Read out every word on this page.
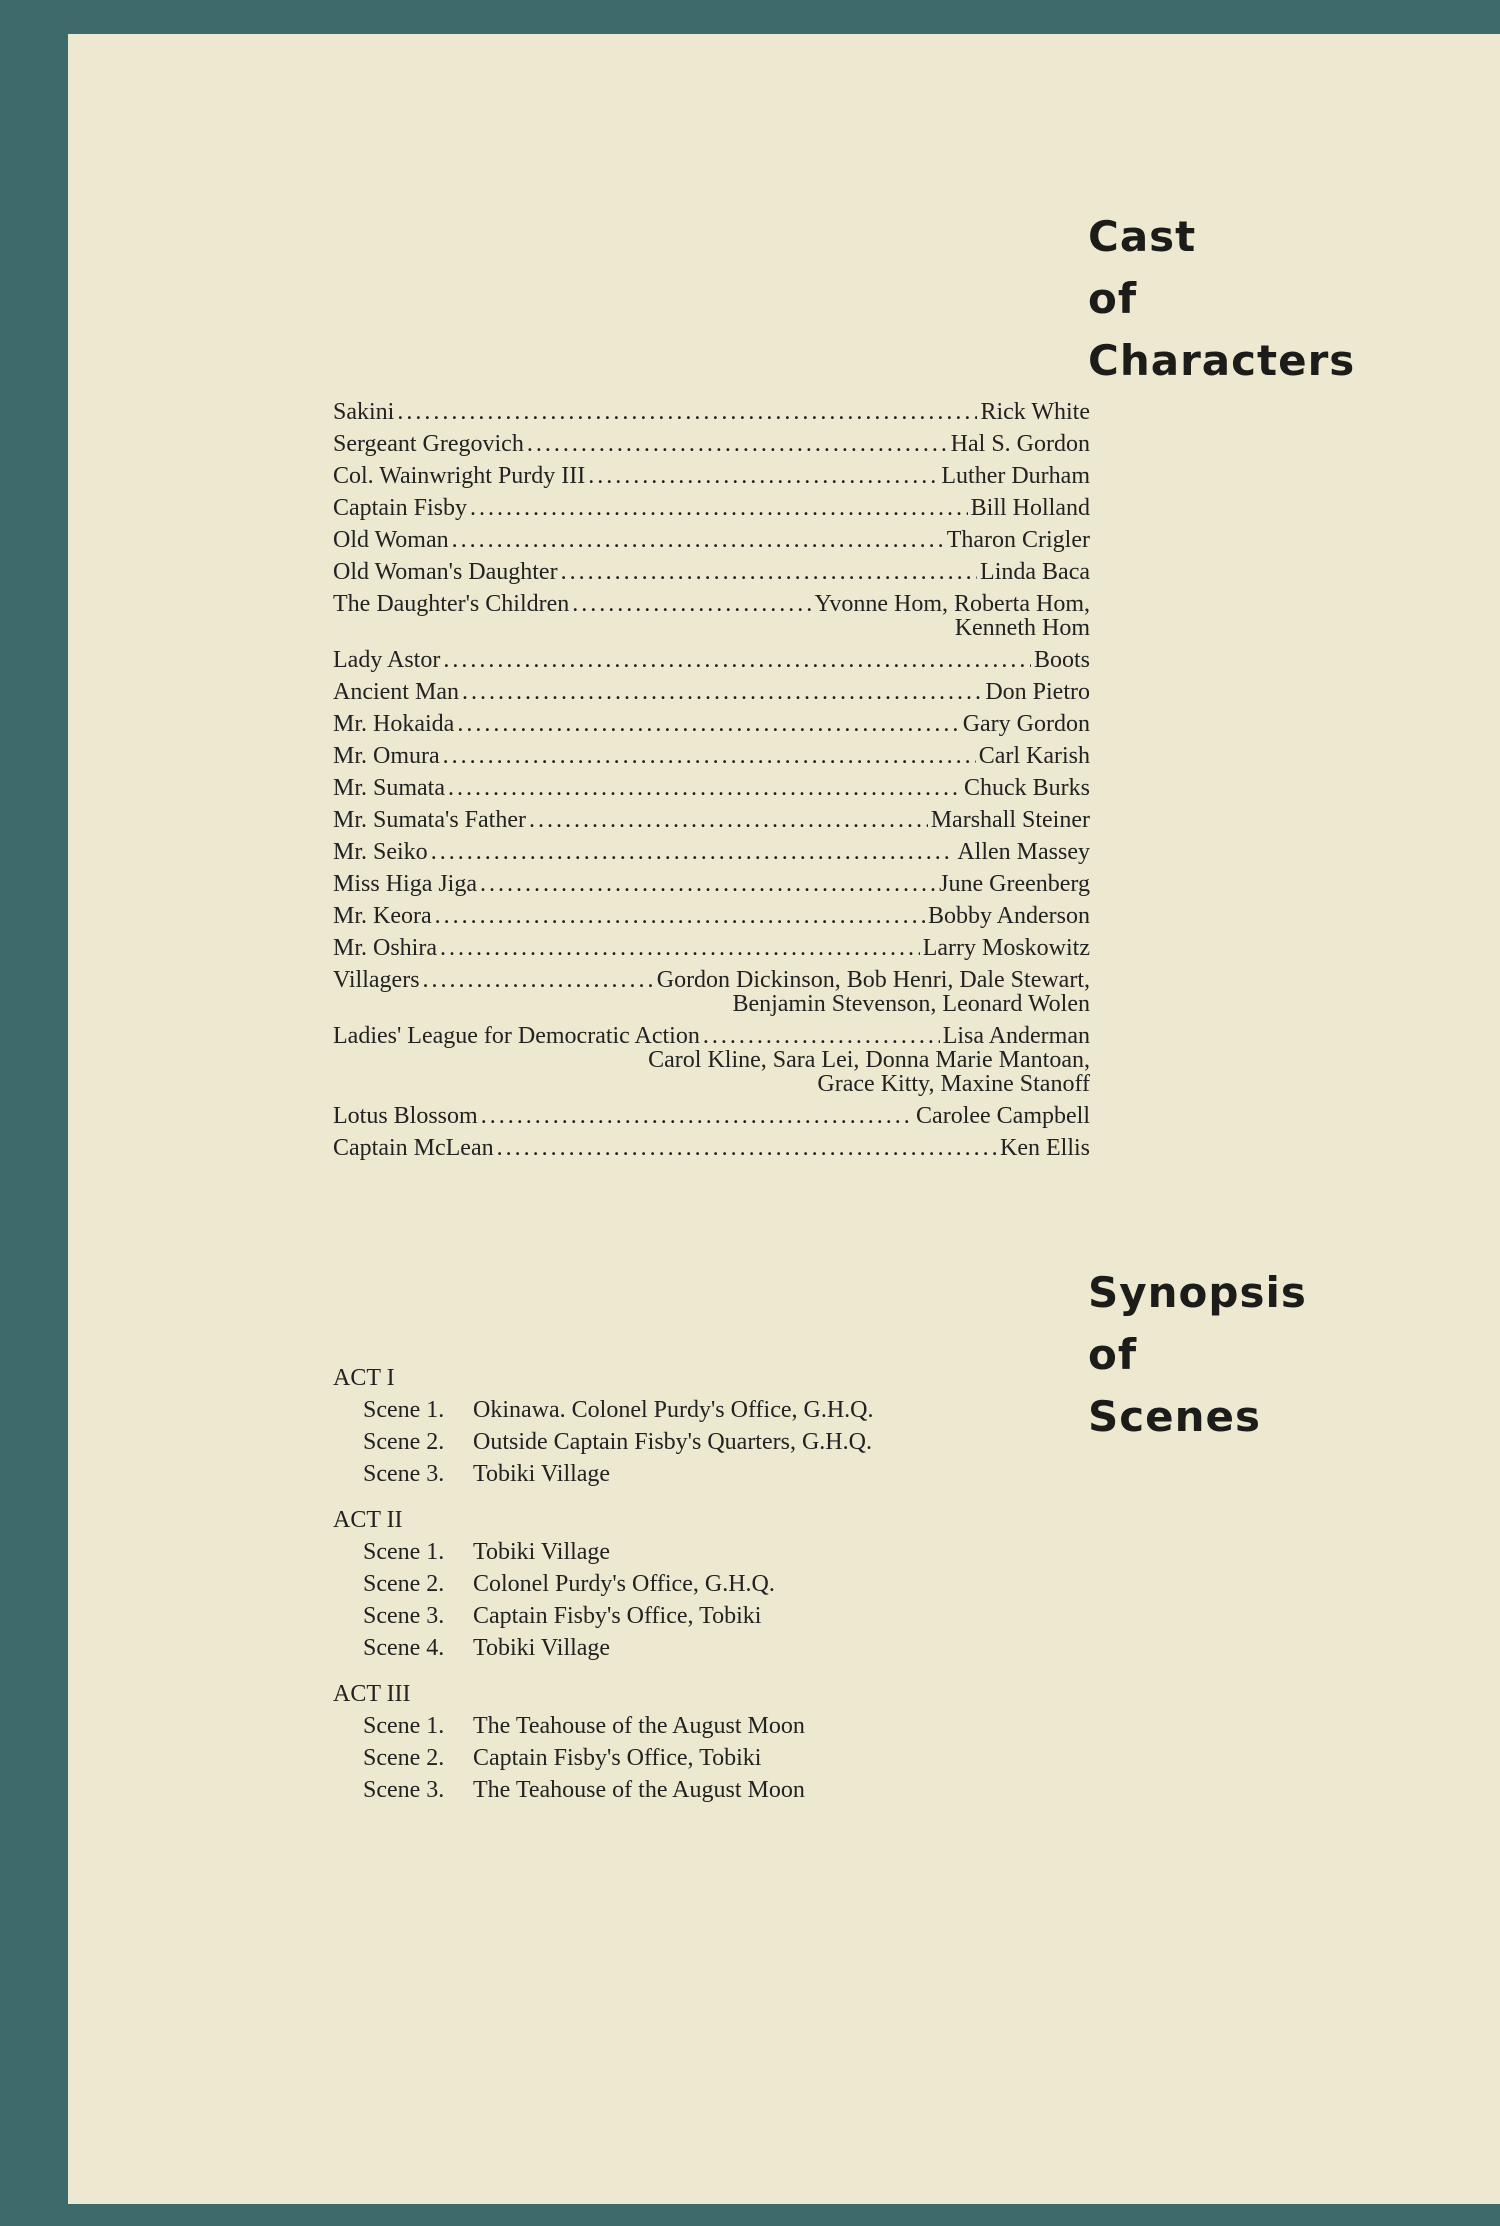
Cast
of
Characters
Synopsis
of
Scenes
Sakini .....	Rick White
Sergeant Gregovich .....	Hal S. Gordon
Col. Wainwright Purdy III .....	Luther Durham
Captain Fisby .....	Bill Holland
Old Woman .....	Tharon Crigler
Old Woman's Daughter .....	Linda Baca
The Daughter's Children .....	Yvonne Hom, Roberta Hom,
Kenneth Hom
Lady Astor .....	Boots
Ancient Man .....	Don Pietro
Mr. Hokaida .....	Gary Gordon
Mr. Omura .....	Carl Karish
Mr. Sumata .....	Chuck Burks
Mr. Sumata's Father .....	Marshall Steiner
Mr. Seiko .....	Allen Massey
Miss Higa Jiga .....	June Greenberg
Mr. Keora .....	Bobby Anderson
Mr. Oshira .....	Larry Moskowitz
Villagers .....	Gordon Dickinson, Bob Henri, Dale Stewart,
Benjamin Stevenson, Leonard Wolen
Ladies' League for Democratic Action .....	Lisa Anderman
Carol Kline, Sara Lei, Donna Marie Mantoan,
Grace Kitty, Maxine Stanoff
Lotus Blossom .....	Carolee Campbell
Captain McLean .....	Ken Ellis
ACT I
Scene 1.	Okinawa. Colonel Purdy's Office, G.H.Q.
Scene 2.	Outside Captain Fisby's Quarters, G.H.Q.
Scene 3.	Tobiki Village
ACT II
Scene 1.	Tobiki Village
Scene 2.	Colonel Purdy's Office, G.H.Q.
Scene 3.	Captain Fisby's Office, Tobiki
Scene 4.	Tobiki Village
ACT III
Scene 1.	The Teahouse of the August Moon
Scene 2.	Captain Fisby's Office, Tobiki
Scene 3.	The Teahouse of the August Moon
